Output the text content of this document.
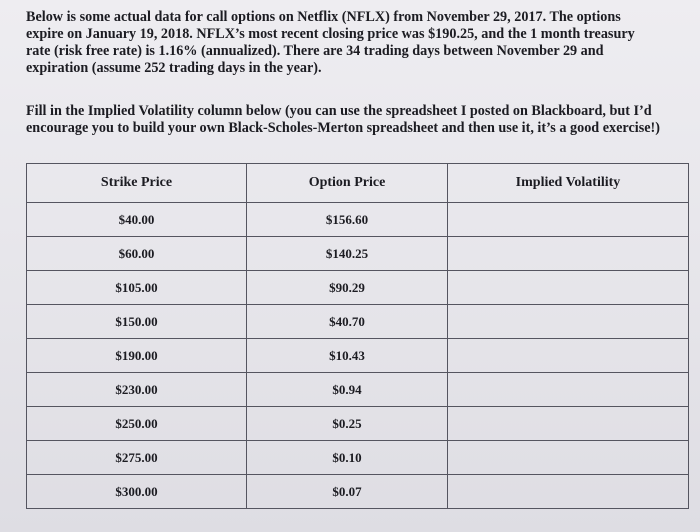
Below is some actual data for call options on Netflix (NFLX) from November 29, 2017. The options
expire on January 19, 2018. NFLX’s most recent closing price was $190.25, and the 1 month treasury
rate (risk free rate) is 1.16% (annualized). There are 34 trading days between November 29 and
expiration (assume 252 trading days in the year).

Fill in the Implied Volatility column below (you can use the spreadsheet I posted on Blackboard, but I’d
encourage you to build your own Black-Scholes-Merton spreadsheet and then use it, it’s a good exercise!)

Strike Price	Option Price	Implied Volatility
$40.00	$156.60	
$60.00	$140.25	
$105.00	$90.29	
$150.00	$40.70	
$190.00	$10.43	
$230.00	$0.94	
$250.00	$0.25	
$275.00	$0.10	
$300.00	$0.07	
